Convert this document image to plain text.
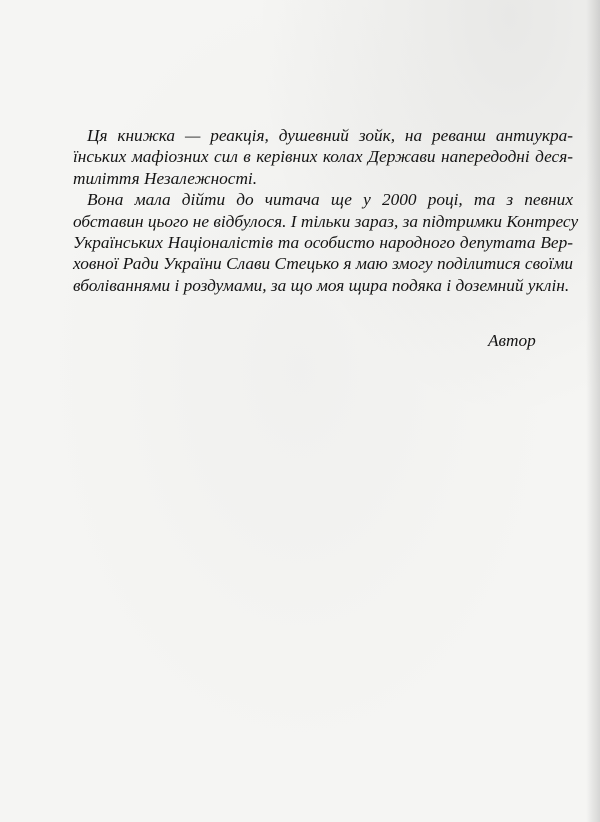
Ця книжка — реакція, душевний зойк, на реванш антиукра-
їнських мафіозних сил в керівних колах Держави напередодні деся-
тиліття Незалежності.

Вона мала дійти до читача ще у 2000 році, та з певних
обставин цього не відбулося. І тільки зараз, за підтримки Контресу
Українських Націоналістів та особисто народного депутата Вер-
ховної Ради України Слави Стецько я маю змогу поділитися своїми
вболіваннями і роздумами, за що моя щира подяка і доземний уклін.

Автор
